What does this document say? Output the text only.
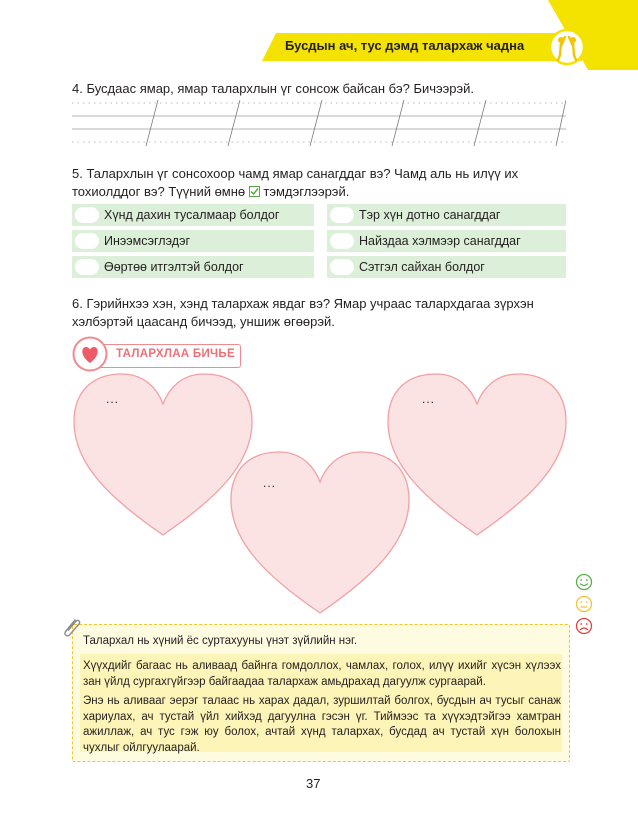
Бусдын ач, тус дэмд талархаж чадна
4. Бусдаас ямар, ямар талархлын үг сонсож байсан бэ? Бичээрэй.
5. Талархлын үг сонсохоор чамд ямар санагддаг вэ? Чамд аль нь илүү их
тохиолддог вэ? Түүний өмнө  тэмдэглээрэй.
Хүнд дахин тусалмаар болдог
Инээмсэглэдэг
Өөртөө итгэлтэй болдог
Тэр хүн дотно санагддаг
Найздаа хэлмээр санагддаг
Сэтгэл сайхан болдог
6. Гэрийнхээ хэн, хэнд талархаж явдаг вэ? Ямар учраас талархдагаа зүрхэн
хэлбэртэй цаасанд бичээд, уншиж өгөөрэй.
ТАЛАРХЛАА БИЧЬЕ
...
...
...
Талархал нь хүний ёс суртахууны үнэт зүйлийн нэг.
Хүүхдийг багаас нь аливаад байнга гомдоллох, чамлах, голох, илүү ихийг хүсэн хүлээх зан үйлд сургахгүйгээр байгаадаа талархаж амьдрахад дагуулж сургаарай.
Энэ нь аливааг эерэг талаас нь харах дадал, зуршилтай болгох, бусдын ач тусыг санаж хариулах, ач тустай үйл хийхэд дагуулна гэсэн үг. Тиймээс та хүүхэдтэйгээ хамтран ажиллаж, ач тус гэж юу болох, ачтай хүнд талархах, бусдад ач тустай хүн болохын чухлыг ойлгуулаарай.
37
